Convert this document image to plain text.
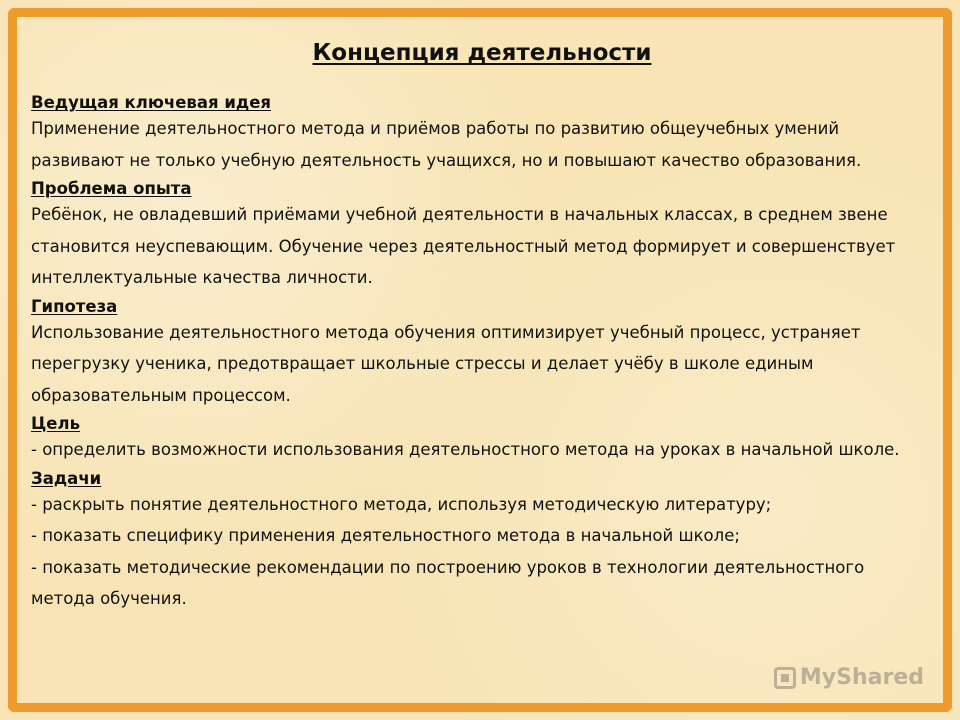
Концепция деятельности
Ведущая ключевая идея
Применение деятельностного метода и приёмов работы по развитию общеучебных умений развивают не только учебную деятельность учащихся, но и повышают качество образования.
Проблема опыта
Ребёнок, не овладевший приёмами учебной деятельности в начальных классах, в среднем звене становится неуспевающим. Обучение через деятельностный метод формирует и совершенствует интеллектуальные качества личности.
Гипотеза
Использование деятельностного метода обучения оптимизирует учебный процесс, устраняет перегрузку ученика, предотвращает школьные стрессы и делает учёбу в школе единым образовательным процессом.
Цель
- определить возможности использования деятельностного метода на уроках в начальной школе.
Задачи
- раскрыть понятие деятельностного метода, используя методическую литературу;
- показать специфику применения деятельностного метода в начальной школе;
- показать методические рекомендации по построению уроков в технологии деятельностного метода обучения.
MyShared
